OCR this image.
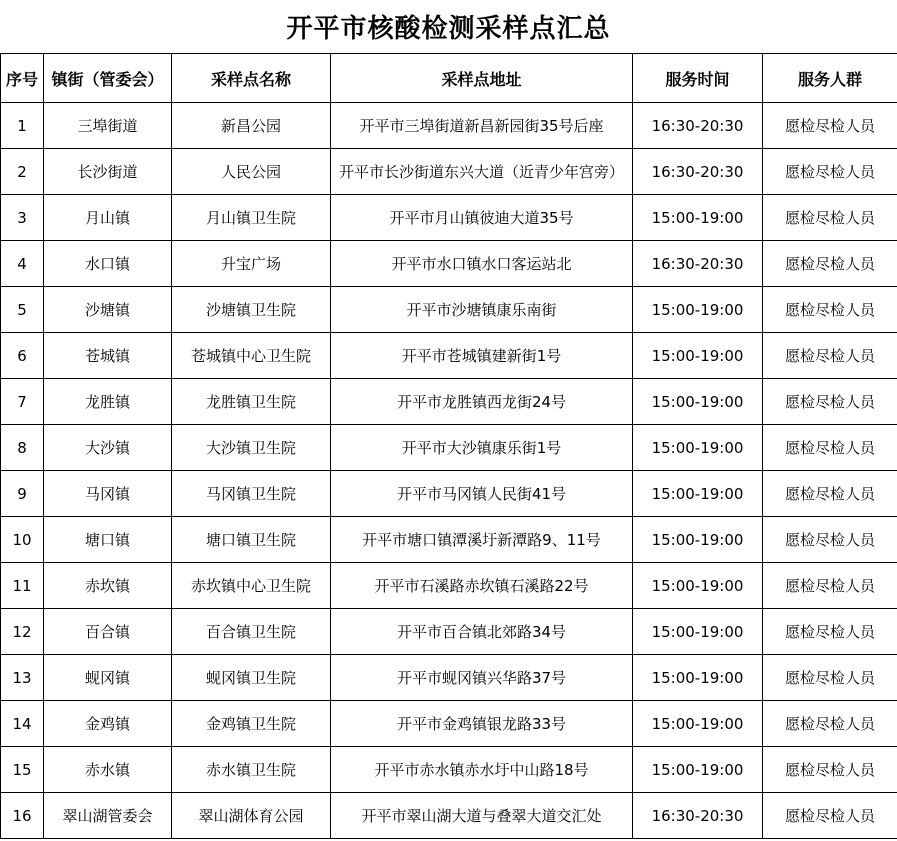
开平市核酸检测采样点汇总
序号	镇街（管委会）	采样点名称	采样点地址	服务时间	服务人群
1	三埠街道	新昌公园	开平市三埠街道新昌新园街35号后座	16:30-20:30	愿检尽检人员
2	长沙街道	人民公园	开平市长沙街道东兴大道（近青少年宫旁）	16:30-20:30	愿检尽检人员
3	月山镇	月山镇卫生院	开平市月山镇彼迪大道35号	15:00-19:00	愿检尽检人员
4	水口镇	升宝广场	开平市水口镇水口客运站北	16:30-20:30	愿检尽检人员
5	沙塘镇	沙塘镇卫生院	开平市沙塘镇康乐南街	15:00-19:00	愿检尽检人员
6	苍城镇	苍城镇中心卫生院	开平市苍城镇建新街1号	15:00-19:00	愿检尽检人员
7	龙胜镇	龙胜镇卫生院	开平市龙胜镇西龙街24号	15:00-19:00	愿检尽检人员
8	大沙镇	大沙镇卫生院	开平市大沙镇康乐街1号	15:00-19:00	愿检尽检人员
9	马冈镇	马冈镇卫生院	开平市马冈镇人民街41号	15:00-19:00	愿检尽检人员
10	塘口镇	塘口镇卫生院	开平市塘口镇潭溪圩新潭路9、11号	15:00-19:00	愿检尽检人员
11	赤坎镇	赤坎镇中心卫生院	开平市石溪路赤坎镇石溪路22号	15:00-19:00	愿检尽检人员
12	百合镇	百合镇卫生院	开平市百合镇北郊路34号	15:00-19:00	愿检尽检人员
13	蚬冈镇	蚬冈镇卫生院	开平市蚬冈镇兴华路37号	15:00-19:00	愿检尽检人员
14	金鸡镇	金鸡镇卫生院	开平市金鸡镇银龙路33号	15:00-19:00	愿检尽检人员
15	赤水镇	赤水镇卫生院	开平市赤水镇赤水圩中山路18号	15:00-19:00	愿检尽检人员
16	翠山湖管委会	翠山湖体育公园	开平市翠山湖大道与叠翠大道交汇处	16:30-20:30	愿检尽检人员
